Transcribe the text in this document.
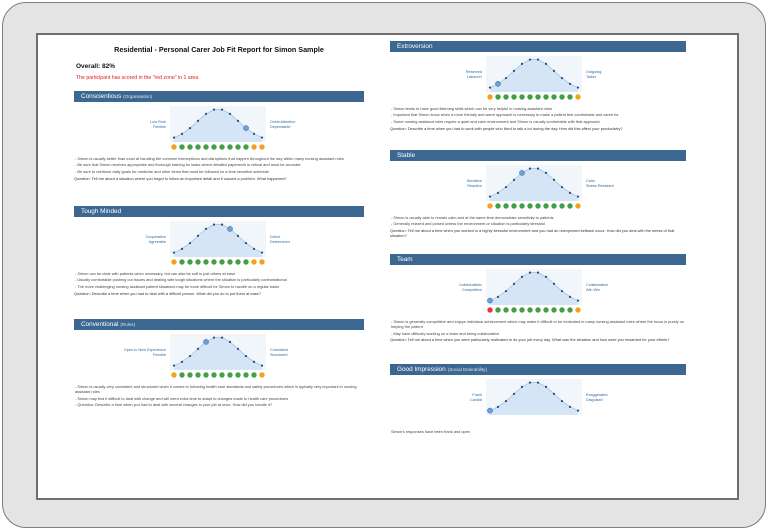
Residential - Personal Carer Job Fit Report for Simon Sample
Overall: 82%
The participant has scored in the "red zone" in 1 area
Conscientious (Organisation)
Low Rule
Flexible
Great Attention
Dependable
- Simon is usually better than most at handling the common interruptions and disruptions that happen throughout the day within many nursing assistant roles
- Be sure that Simon receives appropriate and thorough training for tasks where detailed paperwork is critical and must be accurate
- Be sure to reinforce daily goals for medicine and other items that must be followed on a time sensitive schedule
Question: Tell me about a situation where you forgot to follow an important detail and it caused a problem. What happened?
Tough Minded
Cooperative
Agreeable
Direct
Determined
- Simon can be clear with patients when necessary, but can also be soft in just others at ease
- Usually comfortable pushing our issues and dealing with tough situations where the situation is particularly confrontational
- The more challenging nursing assistant patient situations may be more difficult for Simon to handle on a regular basis
Question: Describe a time when you had to deal with a difficult person. What did you do to put them at ease?
Conventional (Rules)
Open to New Experience
Flexible
Consistent
Structured
- Simon is usually very consistent and structured when it comes to following health care standards and safety procedures which is typically very important in nursing assistant roles
- Simon may find it difficult to deal with change and will need extra time to adapt to changes made to health care procedures
- Question: Describe a time when you had to deal with several changes in your job at once. How did you handle it?
Extroversion
Reserved
Labourer
Outgoing
Talker
- Simon tends to have good listening skills which can be very helpful in nursing assistant roles
- Important that Simon know when a more friendly and warm approach is necessary to make a patient feel comfortable and cared for
- Some nursing assistant roles require a quiet and calm environment and Simon is usually comfortable with that approach
Question: Describe a time when you had to work with people who liked to talk a lot during the day. How did this affect your productivity?
Stable
Sensitive
Reactive
Calm
Stress Resistant
- Simon is usually able to remain calm and at the same time demonstrate sensitivity to patients
- Generally relaxed and poised unless the environment or situation is particularly stressful
Question: Tell me about a time when you worked in a highly stressful environment and you had an unexpected setback occur. How did you deal with the stress of that situation?
Team
Individualistic
Competitive
Collaborative
Win Win
- Simon is generally competitive and enjoys individual achievement which may make it difficult to be motivated in many nursing assistant roles where the focus is purely on helping the patient
- May have difficulty working on a team and being collaborative
Question: Tell me about a time when you were particularly motivated to do your job every day. What was the situation and how were you rewarded for your efforts?
Good Impression (Social Desirability)
Frank
Candid
Exaggerated
Disguised
Simon's responses have been frank and open
